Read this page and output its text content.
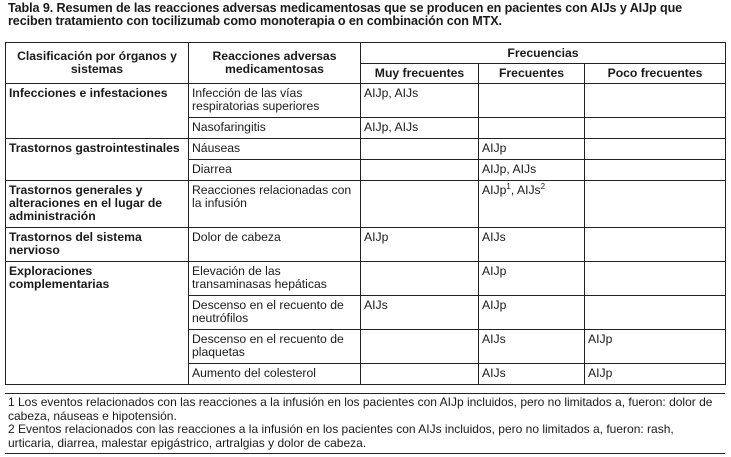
Tabla 9. Resumen de las reacciones adversas medicamentosas que se producen en pacientes con AIJs y AIJp que reciben tratamiento con tocilizumab como monoterapia o en combinación con MTX.
Clasificación por órganos y sistemas	Reacciones adversas medicamentosas	Frecuencias		
		Muy frecuentes	Frecuentes	Poco frecuentes
Infecciones e infestaciones	Infección de las vías respiratorias superiores	AIJp, AIJs		
	Nasofaringitis	AIJp, AIJs		
Trastornos gastrointestinales	Náuseas		AIJp	
	Diarrea		AIJp, AIJs	
Trastornos generales y alteraciones en el lugar de administración	Reacciones relacionadas con la infusión		AIJp$^1$, AIJs$^2$	
Trastornos del sistema nervioso	Dolor de cabeza	AIJp	AIJs	
Exploraciones complementarias	Elevación de las transaminasas hepáticas		AIJp	
	Descenso en el recuento de neutrófilos	AIJs	AIJp	
	Descenso en el recuento de plaquetas		AIJs	AIJp
	Aumento del colesterol		AIJs	AIJp

1 Los eventos relacionados con las reacciones a la infusión en los pacientes con AIJp incluidos, pero no limitados a, fueron: dolor de cabeza, náuseas e hipotensión.

2 Eventos relacionados con las reacciones a la infusión en los pacientes con AIJs incluidos, pero no limitados a, fueron: rash, urticaria, diarrea, malestar epigástrico, artralgias y dolor de cabeza.
